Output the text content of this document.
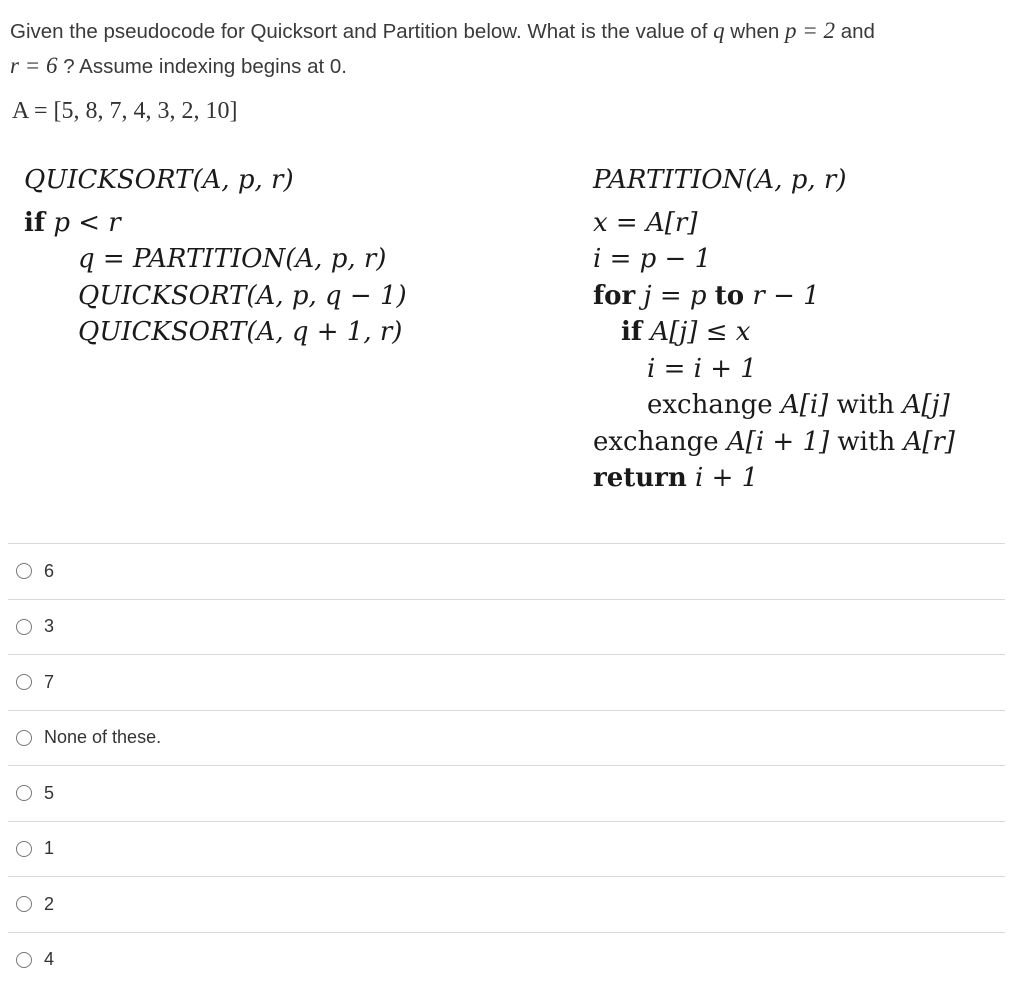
Given the pseudocode for Quicksort and Partition below. What is the value of q when p = 2 and
r = 6 ? Assume indexing begins at 0.
A = [5, 8, 7, 4, 3, 2, 10]
QUICKSORT(A, p, r)
if p < r
q = PARTITION(A, p, r)
QUICKSORT(A, p, q − 1)
QUICKSORT(A, q + 1, r)
PARTITION(A, p, r)
x = A[r]
i = p − 1
for j = p to r − 1
if A[j] ≤ x
i = i + 1
exchange A[i] with A[j]
exchange A[i + 1] with A[r]
return i + 1
6
3
7
None of these.
5
1
2
4
